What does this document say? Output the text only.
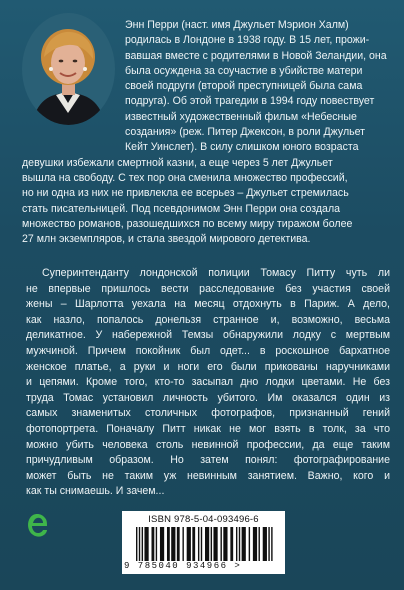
Энн Перри (наст. имя Джульет Мэрион Халм)
родилась в Лондоне в 1938 году. В 15 лет, прожи-
вавшая вместе с родителями в Новой Зеландии, она
была осуждена за соучастие в убийстве матери
своей подруги (второй преступницей была сама
подруга). Об этой трагедии в 1994 году повествует
известный художественный фильм «Небесные
создания» (реж. Питер Джексон, в роли Джульет
Кейт Уинслет). В силу слишком юного возраста
девушки избежали смертной казни, а еще через 5 лет Джульет
вышла на свободу. С тех пор она сменила множество профессий,
но ни одна из них не привлекла ее всерьез – Джульет стремилась
стать писательницей. Под псевдонимом Энн Перри она создала
множество романов, разошедшихся по всему миру тиражом более
27 млн экземпляров, и стала звездой мирового детектива.

Суперинтенданту лондонской полиции Томасу Питту чуть ли
не впервые пришлось вести расследование без участия своей
жены – Шарлотта уехала на месяц отдохнуть в Париж. А дело,
как назло, попалось донельзя странное и, возможно, весьма
деликатное. У набережной Темзы обнаружили лодку с мертвым
мужчиной. Причем покойник был одет... в роскошное бархатное
женское платье, а руки и ноги его были прикованы наручниками
и цепями. Кроме того, кто-то засыпал дно лодки цветами. Не без
труда Томас установил личность убитого. Им оказался один из
самых знаменитых столичных фотографов, признанный гений
фотопортрета. Поначалу Питт никак не мог взять в толк, за что
можно убить человека столь невинной профессии, да еще таким
причудливым образом. Но затем понял: фотографирование
может быть не таким уж невинным занятием. Важно, кого и
как ты снимаешь. И зачем...

ISBN 978-5-04-093496-6
9 785040 934966 >
